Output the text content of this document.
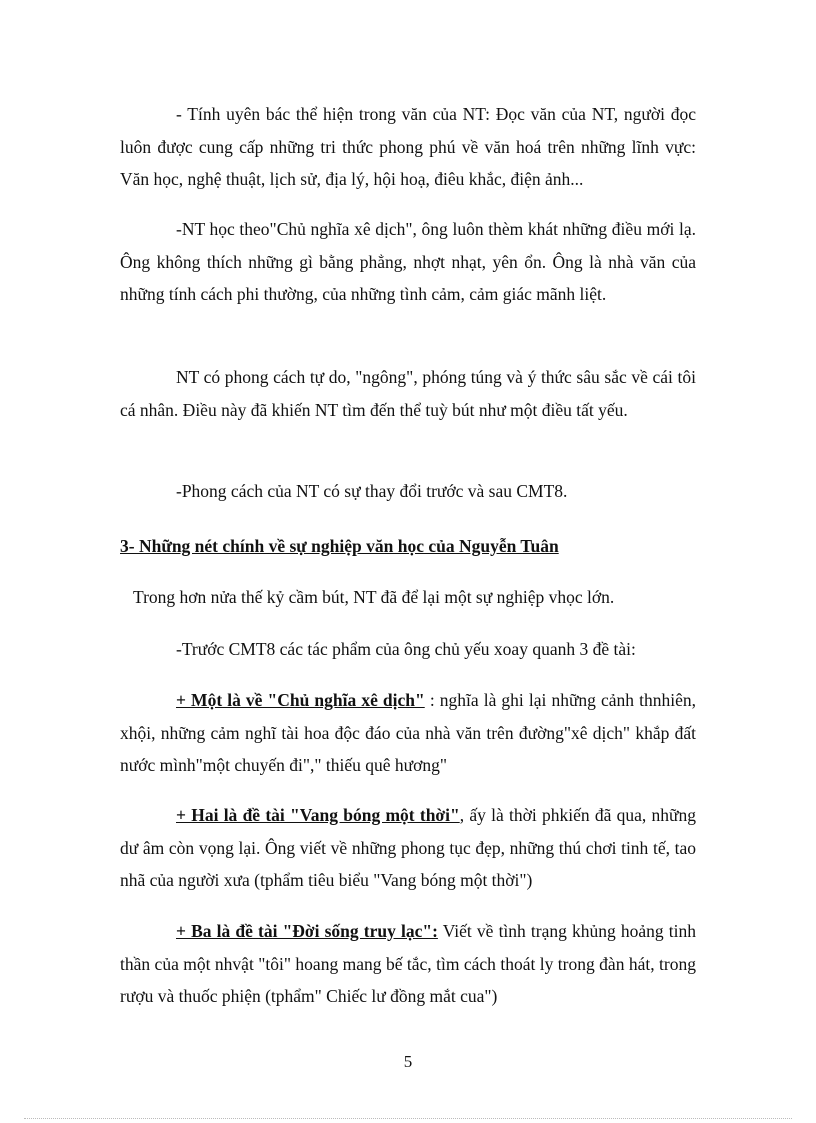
- Tính uyên bác thể hiện trong văn của NT: Đọc văn của NT, người đọc luôn được cung cấp những tri thức phong phú về văn hoá trên những lĩnh vực: Văn học, nghệ thuật, lịch sử, địa lý, hội hoạ, điêu khắc, điện ảnh...

-NT học theo"Chủ nghĩa xê dịch", ông luôn thèm khát những điều mới lạ. Ông không thích những gì bằng phẳng, nhợt nhạt, yên ổn. Ông là nhà văn của những tính cách phi thường, của những tình cảm, cảm giác mãnh liệt.

NT có phong cách tự do, "ngông", phóng túng và ý thức sâu sắc về cái tôi cá nhân. Điều này đã khiến NT tìm đến thể tuỳ bút như một điều tất yếu.

-Phong cách của NT có sự thay đổi trước và sau CMT8.

3- Những nét chính về sự nghiệp văn học của Nguyễn Tuân

Trong hơn nửa thế kỷ cầm bút, NT đã để lại một sự nghiệp vhọc lớn.

-Trước CMT8 các tác phẩm của ông chủ yếu xoay quanh 3 đề tài:

+ Một là về "Chủ nghĩa xê dịch" : nghĩa là ghi lại những cảnh thnhiên, xhội, những cảm nghĩ tài hoa độc đáo của nhà văn trên đường"xê dịch" khắp đất nước mình"một chuyến đi"," thiếu quê hương"

+ Hai là đề tài "Vang bóng một thời", ấy là thời phkiến đã qua, những dư âm còn vọng lại. Ông viết về những phong tục đẹp, những thú chơi tinh tế, tao nhã của người xưa (tphẩm tiêu biểu "Vang bóng một thời")

+ Ba là đề tài "Đời sống truy lạc": Viết về tình trạng khủng hoảng tinh thần của một nhvật "tôi" hoang mang bế tắc, tìm cách thoát ly trong đàn hát, trong rượu và thuốc phiện (tphẩm" Chiếc lư đồng mắt cua")

5
